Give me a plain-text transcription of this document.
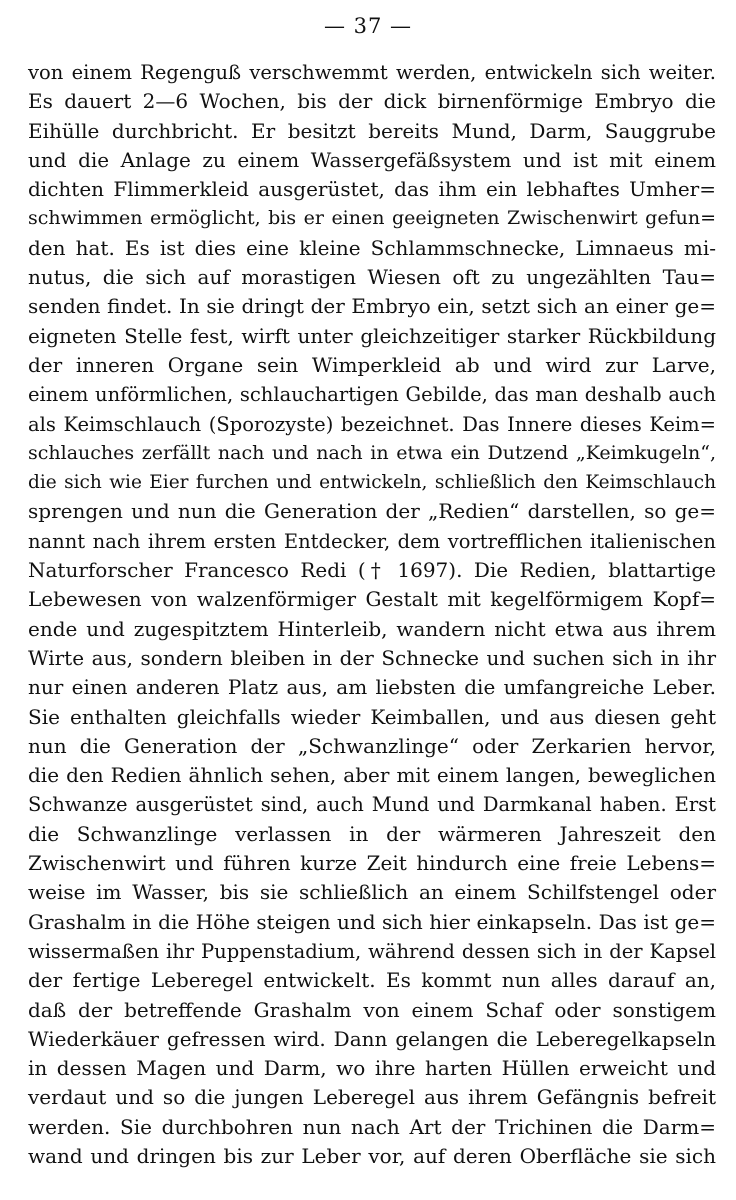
— 37 —
von einem Regenguß verschwemmt werden, entwickeln sich weiter.
Es dauert 2—6 Wochen, bis der dick birnenförmige Embryo die
Eihülle durchbricht. Er besitzt bereits Mund, Darm, Sauggrube
und die Anlage zu einem Wassergefäßsystem und ist mit einem
dichten Flimmerkleid ausgerüstet, das ihm ein lebhaftes Umher=
schwimmen ermöglicht, bis er einen geeigneten Zwischenwirt gefun=
den hat. Es ist dies eine kleine Schlammschnecke, Limnaeus mi-
nutus, die sich auf morastigen Wiesen oft zu ungezählten Tau=
senden findet. In sie dringt der Embryo ein, setzt sich an einer ge=
eigneten Stelle fest, wirft unter gleichzeitiger starker Rückbildung
der inneren Organe sein Wimperkleid ab und wird zur Larve,
einem unförmlichen, schlauchartigen Gebilde, das man deshalb auch
als Keimschlauch (Sporozyste) bezeichnet. Das Innere dieses Keim=
schlauches zerfällt nach und nach in etwa ein Dutzend „Keimkugeln“,
die sich wie Eier furchen und entwickeln, schließlich den Keimschlauch
sprengen und nun die Generation der „Redien“ darstellen, so ge=
nannt nach ihrem ersten Entdecker, dem vortrefflichen italienischen
Naturforscher Francesco Redi († 1697). Die Redien, blattartige
Lebewesen von walzenförmiger Gestalt mit kegelförmigem Kopf=
ende und zugespitztem Hinterleib, wandern nicht etwa aus ihrem
Wirte aus, sondern bleiben in der Schnecke und suchen sich in ihr
nur einen anderen Platz aus, am liebsten die umfangreiche Leber.
Sie enthalten gleichfalls wieder Keimballen, und aus diesen geht
nun die Generation der „Schwanzlinge“ oder Zerkarien hervor,
die den Redien ähnlich sehen, aber mit einem langen, beweglichen
Schwanze ausgerüstet sind, auch Mund und Darmkanal haben. Erst
die Schwanzlinge verlassen in der wärmeren Jahreszeit den
Zwischenwirt und führen kurze Zeit hindurch eine freie Lebens=
weise im Wasser, bis sie schließlich an einem Schilfstengel oder
Grashalm in die Höhe steigen und sich hier einkapseln. Das ist ge=
wissermaßen ihr Puppenstadium, während dessen sich in der Kapsel
der fertige Leberegel entwickelt. Es kommt nun alles darauf an,
daß der betreffende Grashalm von einem Schaf oder sonstigem
Wiederkäuer gefressen wird. Dann gelangen die Leberegelkapseln
in dessen Magen und Darm, wo ihre harten Hüllen erweicht und
verdaut und so die jungen Leberegel aus ihrem Gefängnis befreit
werden. Sie durchbohren nun nach Art der Trichinen die Darm=
wand und dringen bis zur Leber vor, auf deren Oberfläche sie sich
